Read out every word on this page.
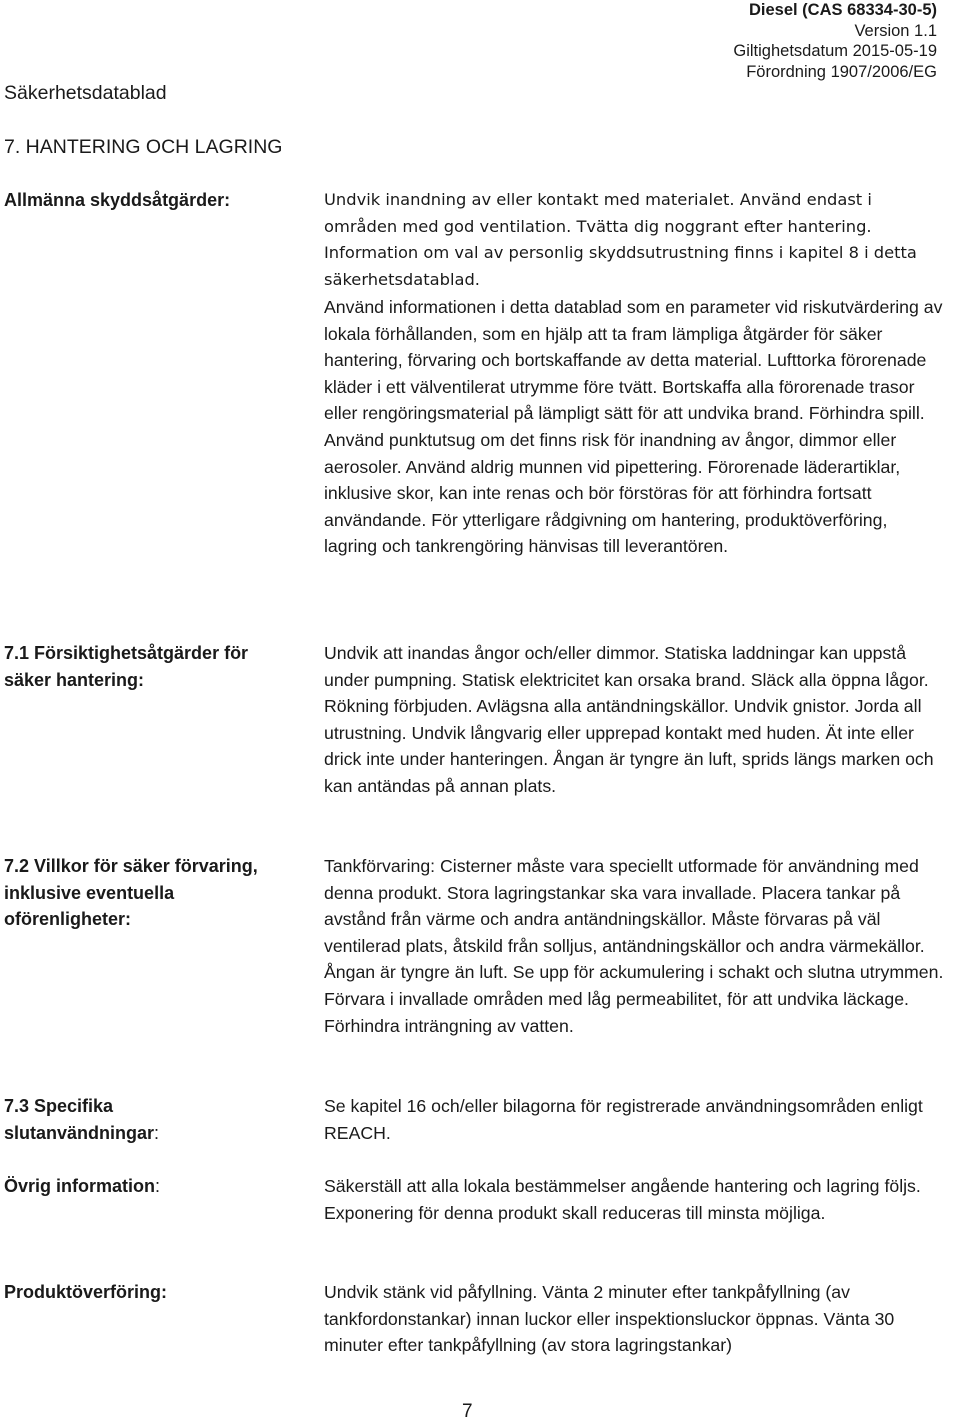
Diesel (CAS 68334-30-5)
Version 1.1
Giltighetsdatum 2015-05-19
Förordning 1907/2006/EG
Säkerhetsdatablad
7. HANTERING OCH LAGRING
Allmänna skyddsåtgärder:	Undvik inandning av eller kontakt med materialet. Använd endast i områden med god ventilation. Tvätta dig noggrant efter hantering. Information om val av personlig skyddsutrustning finns i kapitel 8 i detta säkerhetsdatablad.

Använd informationen i detta datablad som en parameter vid riskutvärdering av lokala förhållanden, som en hjälp att ta fram lämpliga åtgärder för säker hantering, förvaring och bortskaffande av detta material. Lufttorka förorenade kläder i ett välventilerat utrymme före tvätt. Bortskaffa alla förorenade trasor eller rengöringsmaterial på lämpligt sätt för att undvika brand. Förhindra spill. Använd punktutsug om det finns risk för inandning av ångor, dimmor eller aerosoler. Använd aldrig munnen vid pipettering. Förorenade läderartiklar, inklusive skor, kan inte renas och bör förstöras för att förhindra fortsatt användande. För ytterligare rådgivning om hantering, produktöverföring, lagring och tankrengöring hänvisas till leverantören.

7.1 Försiktighetsåtgärder för säker hantering:

Undvik att inandas ångor och/eller dimmor. Statiska laddningar kan uppstå under pumpning. Statisk elektricitet kan orsaka brand. Släck alla öppna lågor. Rökning förbjuden. Avlägsna alla antändningskällor. Undvik gnistor. Jorda all utrustning. Undvik långvarig eller upprepad kontakt med huden. Ät inte eller drick inte under hanteringen. Ångan är tyngre än luft, sprids längs marken och kan antändas på annan plats.

7.2 Villkor för säker förvaring, inklusive eventuella oförenligheter:

Tankförvaring: Cisterner måste vara speciellt utformade för användning med denna produkt. Stora lagringstankar ska vara invallade. Placera tankar på avstånd från värme och andra antändningskällor. Måste förvaras på väl ventilerad plats, åtskild från solljus, antändningskällor och andra värmekällor. Ångan är tyngre än luft. Se upp för ackumulering i schakt och slutna utrymmen. Förvara i invallade områden med låg permeabilitet, för att undvika läckage. Förhindra inträngning av vatten.

7.3 Specifika slutanvändningar:

Se kapitel 16 och/eller bilagorna för registrerade användningsområden enligt REACH.

Övrig information:	Säkerställ att alla lokala bestämmelser angående hantering och lagring följs. Exponering för denna produkt skall reduceras till minsta möjliga.

Produktöverföring:	Undvik stänk vid påfyllning. Vänta 2 minuter efter tankpåfyllning (av tankfordonstankar) innan luckor eller inspektionsluckor öppnas. Vänta 30 minuter efter tankpåfyllning (av stora lagringstankar)

7
